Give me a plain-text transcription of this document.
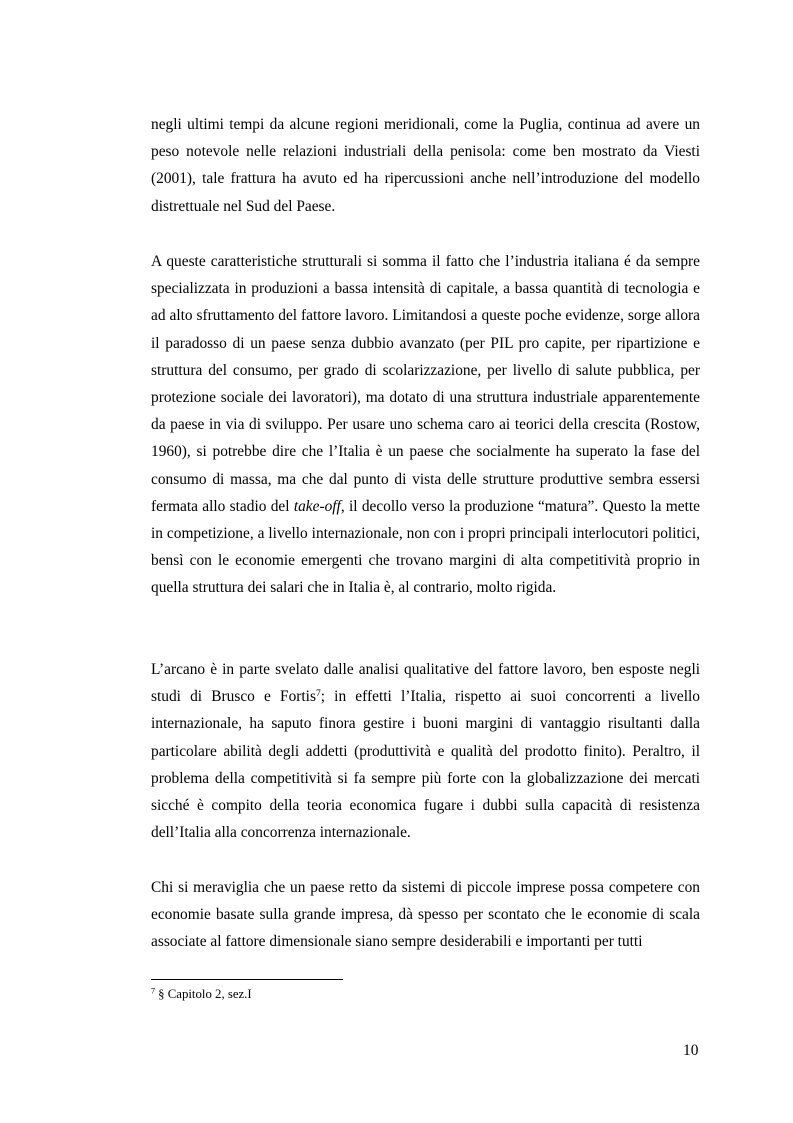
negli ultimi tempi da alcune regioni meridionali, come la Puglia, continua ad avere un peso notevole nelle relazioni industriali della penisola: come ben mostrato da Viesti (2001), tale frattura ha avuto ed ha ripercussioni anche nell’introduzione del modello distrettuale nel Sud del Paese.

A queste caratteristiche strutturali si somma il fatto che l’industria italiana é da sempre specializzata in produzioni a bassa intensità di capitale, a bassa quantità di tecnologia e ad alto sfruttamento del fattore lavoro. Limitandosi a queste poche evidenze, sorge allora il paradosso di un paese senza dubbio avanzato (per PIL pro capite, per ripartizione e struttura del consumo, per grado di scolarizzazione, per livello di salute pubblica, per protezione sociale dei lavoratori), ma dotato di una struttura industriale apparentemente da paese in via di sviluppo. Per usare uno schema caro ai teorici della crescita (Rostow, 1960), si potrebbe dire che l’Italia è un paese che socialmente ha superato la fase del consumo di massa, ma che dal punto di vista delle strutture produttive sembra essersi fermata allo stadio del take-off, il decollo verso la produzione “matura”. Questo la mette in competizione, a livello internazionale, non con i propri principali interlocutori politici, bensì con le economie emergenti che trovano margini di alta competitività proprio in quella struttura dei salari che in Italia è, al contrario, molto rigida.

L’arcano è in parte svelato dalle analisi qualitative del fattore lavoro, ben esposte negli studi di Brusco e Fortis$^7$; in effetti l’Italia, rispetto ai suoi concorrenti a livello internazionale, ha saputo finora gestire i buoni margini di vantaggio risultanti dalla particolare abilità degli addetti (produttività e qualità del prodotto finito). Peraltro, il problema della competitività si fa sempre più forte con la globalizzazione dei mercati sicché è compito della teoria economica fugare i dubbi sulla capacità di resistenza dell’Italia alla concorrenza internazionale.

Chi si meraviglia che un paese retto da sistemi di piccole imprese possa competere con economie basate sulla grande impresa, dà spesso per scontato che le economie di scala associate al fattore dimensionale siano sempre desiderabili e importanti per tutti

$^7$ § Capitolo 2, sez.I
10
